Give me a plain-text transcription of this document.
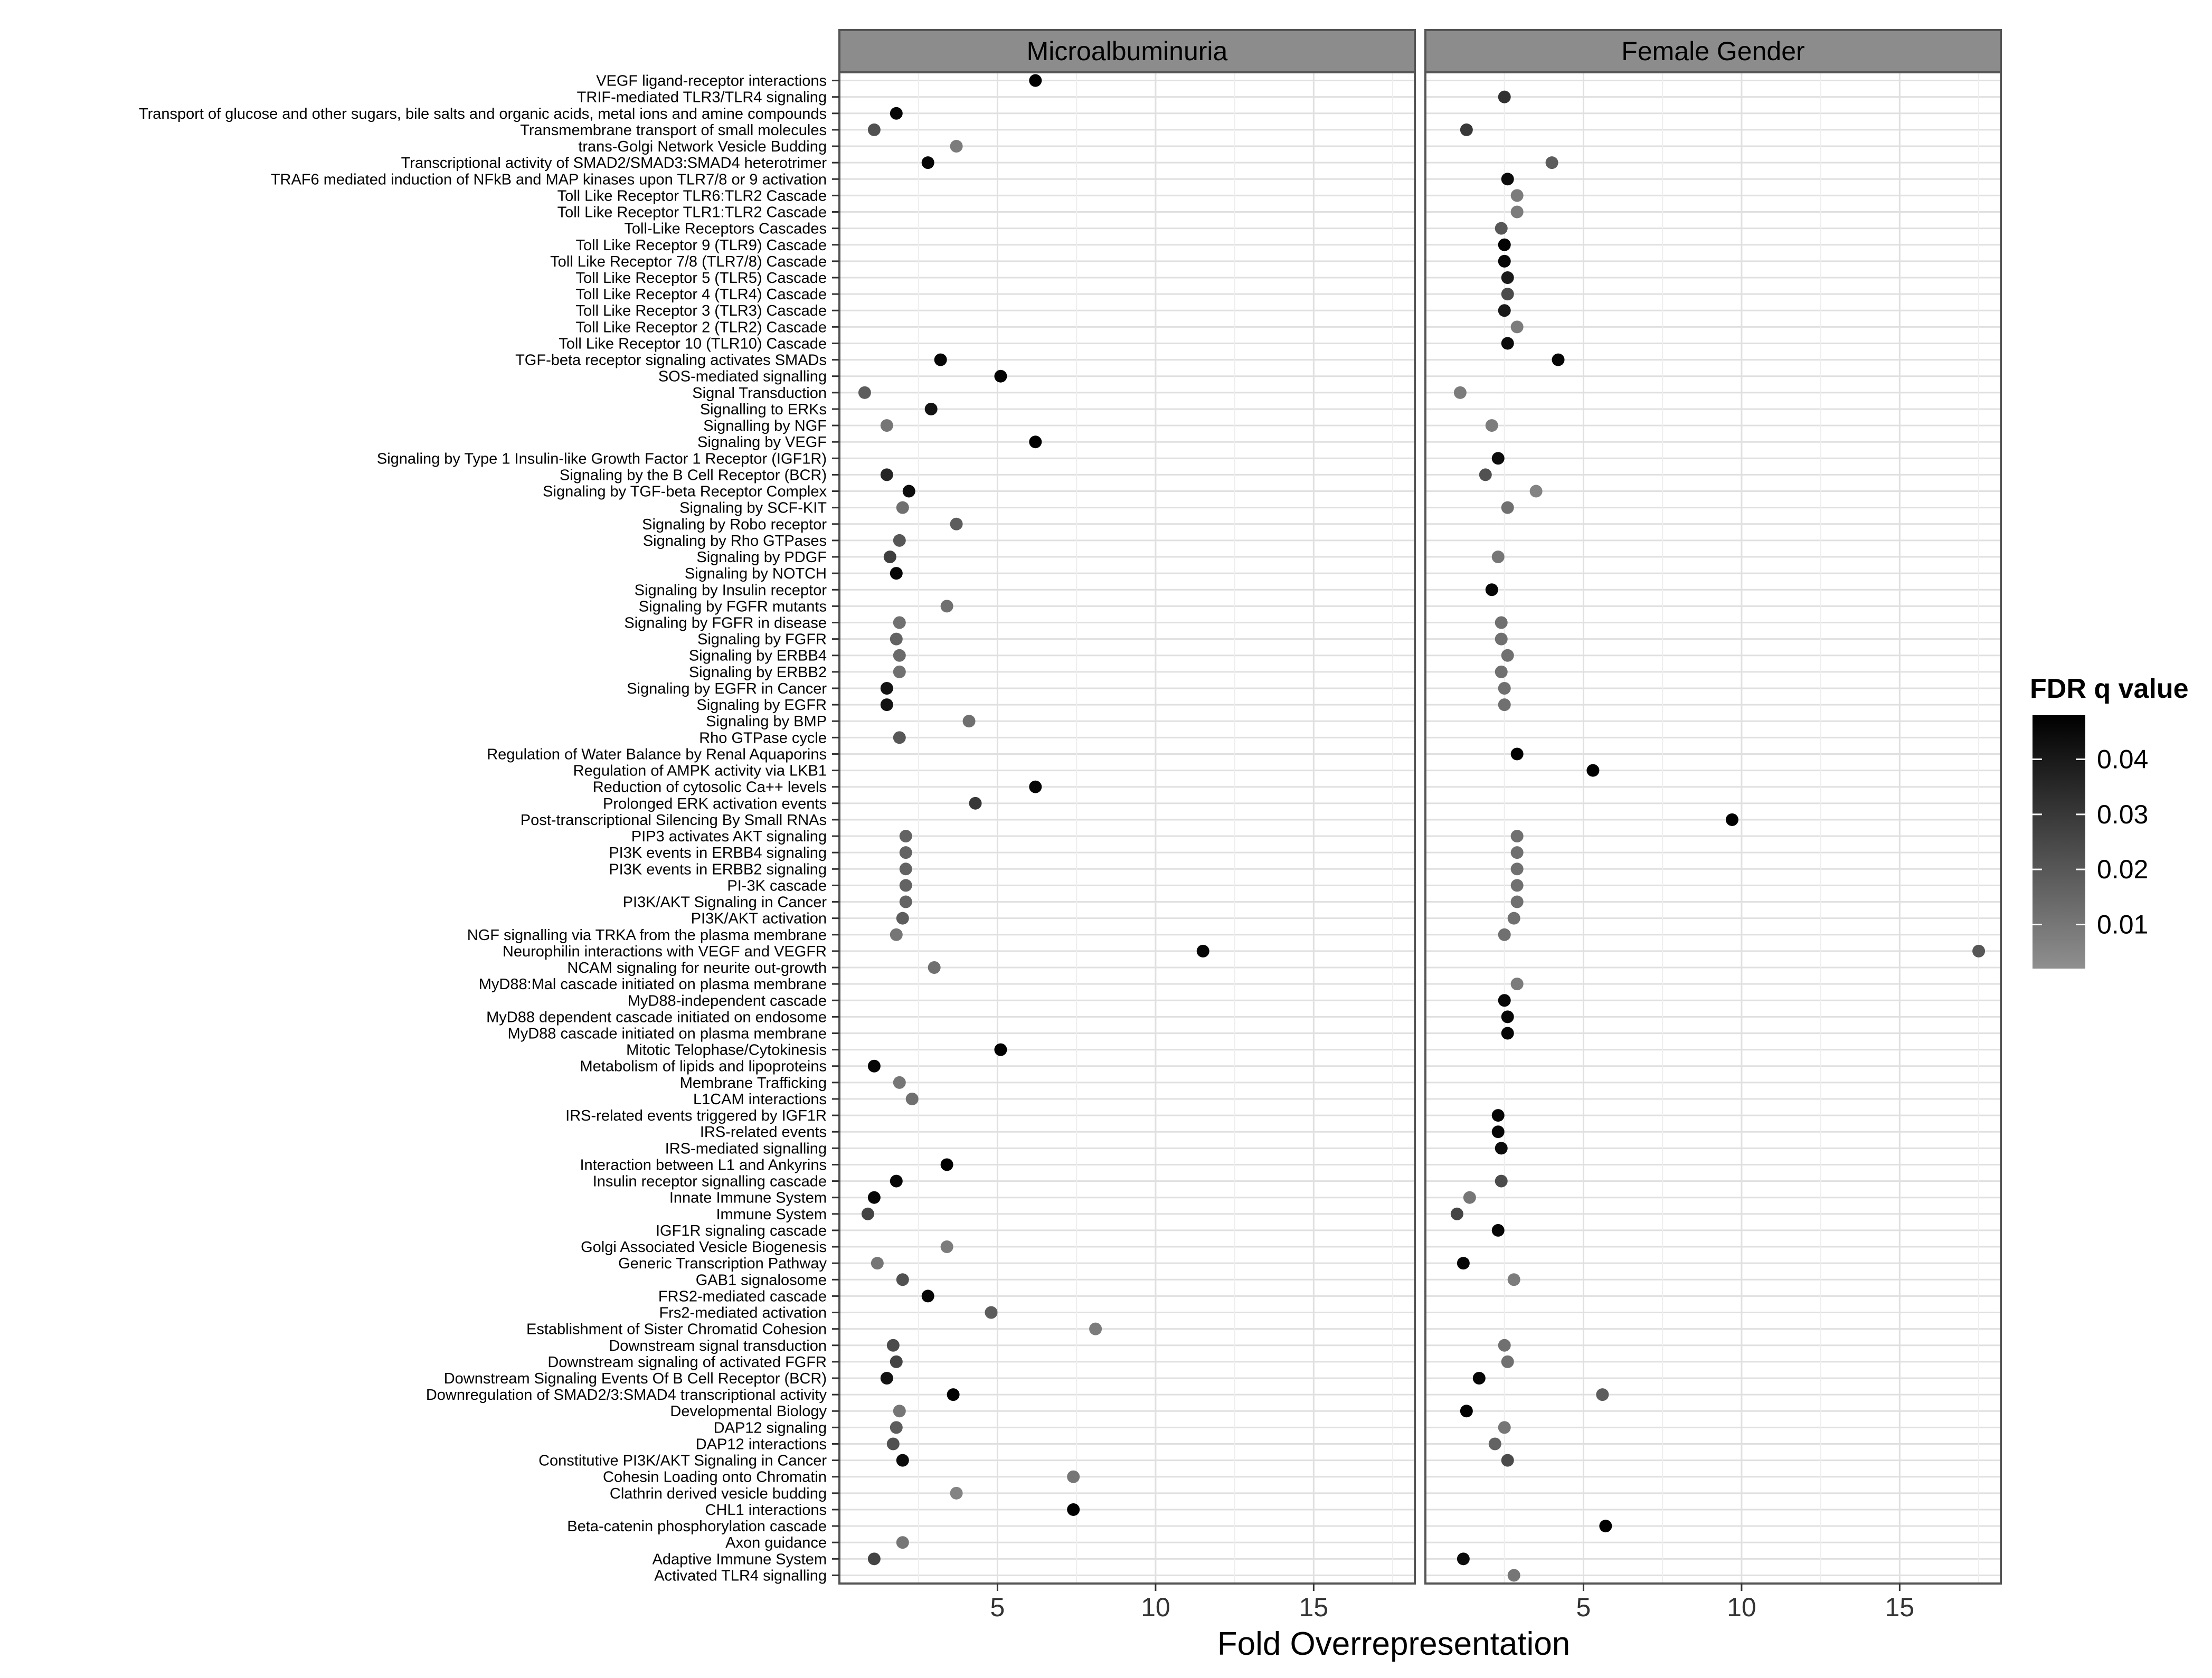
Microalbuminuria	Female Gender
VEGF ligand-receptor interactions
TRIF-mediated TLR3/TLR4 signaling
Transport of glucose and other sugars, bile salts and organic acids, metal ions and amine compounds
Transmembrane transport of small molecules
trans-Golgi Network Vesicle Budding
Transcriptional activity of SMAD2/SMAD3:SMAD4 heterotrimer
TRAF6 mediated induction of NFkB and MAP kinases upon TLR7/8 or 9 activation
Toll Like Receptor TLR6:TLR2 Cascade
Toll Like Receptor TLR1:TLR2 Cascade
Toll-Like Receptors Cascades
Toll Like Receptor 9 (TLR9) Cascade
Toll Like Receptor 7/8 (TLR7/8) Cascade
Toll Like Receptor 5 (TLR5) Cascade
Toll Like Receptor 4 (TLR4) Cascade
Toll Like Receptor 3 (TLR3) Cascade
Toll Like Receptor 2 (TLR2) Cascade
Toll Like Receptor 10 (TLR10) Cascade
TGF-beta receptor signaling activates SMADs
SOS-mediated signalling
Signal Transduction
Signalling to ERKs
Signalling by NGF
Signaling by VEGF
Signaling by Type 1 Insulin-like Growth Factor 1 Receptor (IGF1R)
Signaling by the B Cell Receptor (BCR)
Signaling by TGF-beta Receptor Complex
Signaling by SCF-KIT
Signaling by Robo receptor
Signaling by Rho GTPases
Signaling by PDGF
Signaling by NOTCH
Signaling by Insulin receptor
Signaling by FGFR mutants
Signaling by FGFR in disease
Signaling by FGFR
Signaling by ERBB4
Signaling by ERBB2
Signaling by EGFR in Cancer
Signaling by EGFR
Signaling by BMP
Rho GTPase cycle
Regulation of Water Balance by Renal Aquaporins
Regulation of AMPK activity via LKB1
Reduction of cytosolic Ca++ levels
Prolonged ERK activation events
Post-transcriptional Silencing By Small RNAs
PIP3 activates AKT signaling
PI3K events in ERBB4 signaling
PI3K events in ERBB2 signaling
PI-3K cascade
PI3K/AKT Signaling in Cancer
PI3K/AKT activation
NGF signalling via TRKA from the plasma membrane
Neurophilin interactions with VEGF and VEGFR
NCAM signaling for neurite out-growth
MyD88:Mal cascade initiated on plasma membrane
MyD88-independent cascade
MyD88 dependent cascade initiated on endosome
MyD88 cascade initiated on plasma membrane
Mitotic Telophase/Cytokinesis
Metabolism of lipids and lipoproteins
Membrane Trafficking
L1CAM interactions
IRS-related events triggered by IGF1R
IRS-related events
IRS-mediated signalling
Interaction between L1 and Ankyrins
Insulin receptor signalling cascade
Innate Immune System
Immune System
IGF1R signaling cascade
Golgi Associated Vesicle Biogenesis
Generic Transcription Pathway
GAB1 signalosome
FRS2-mediated cascade
Frs2-mediated activation
Establishment of Sister Chromatid Cohesion
Downstream signal transduction
Downstream signaling of activated FGFR
Downstream Signaling Events Of B Cell Receptor (BCR)
Downregulation of SMAD2/3:SMAD4 transcriptional activity
Developmental Biology
DAP12 signaling
DAP12 interactions
Constitutive PI3K/AKT Signaling in Cancer
Cohesin Loading onto Chromatin
Clathrin derived vesicle budding
CHL1 interactions
Beta-catenin phosphorylation cascade
Axon guidance
Adaptive Immune System
Activated TLR4 signalling
5	10	15	5	10	15
Fold Overrepresentation
FDR q value
0.04
0.03
0.02
0.01
